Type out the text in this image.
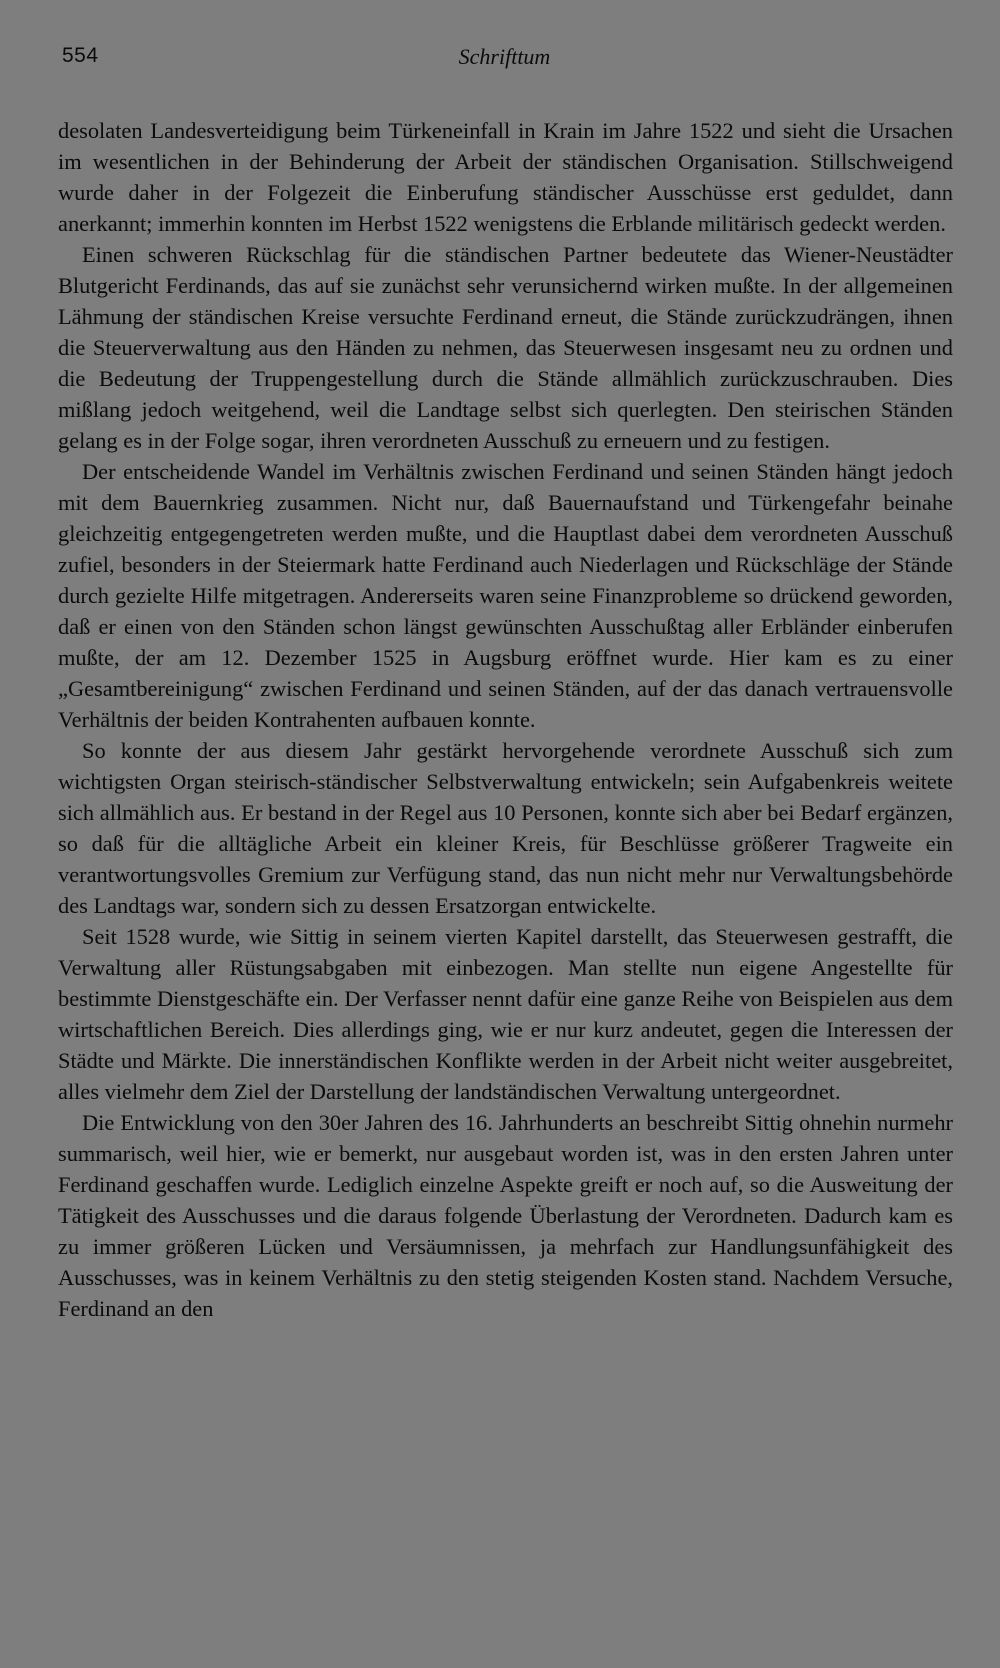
554	Schrifttum

desolaten Landesverteidigung beim Türkeneinfall in Krain im Jahre 1522 und sieht die Ursachen im wesentlichen in der Behinderung der Arbeit der ständischen Organisation. Stillschweigend wurde daher in der Folgezeit die Einberufung ständischer Ausschüsse erst geduldet, dann anerkannt; immerhin konnten im Herbst 1522 wenigstens die Erblande militärisch gedeckt werden.

Einen schweren Rückschlag für die ständischen Partner bedeutete das Wiener-Neustädter Blutgericht Ferdinands, das auf sie zunächst sehr verunsichernd wirken mußte. In der allgemeinen Lähmung der ständischen Kreise versuchte Ferdinand erneut, die Stände zurückzudrängen, ihnen die Steuerverwaltung aus den Händen zu nehmen, das Steuerwesen insgesamt neu zu ordnen und die Bedeutung der Truppengestellung durch die Stände allmählich zurückzuschrauben. Dies mißlang jedoch weitgehend, weil die Landtage selbst sich querlegten. Den steirischen Ständen gelang es in der Folge sogar, ihren verordneten Ausschuß zu erneuern und zu festigen.

Der entscheidende Wandel im Verhältnis zwischen Ferdinand und seinen Ständen hängt jedoch mit dem Bauernkrieg zusammen. Nicht nur, daß Bauernaufstand und Türkengefahr beinahe gleichzeitig entgegengetreten werden mußte, und die Hauptlast dabei dem verordneten Ausschuß zufiel, besonders in der Steiermark hatte Ferdinand auch Niederlagen und Rückschläge der Stände durch gezielte Hilfe mitgetragen. Andererseits waren seine Finanzprobleme so drückend geworden, daß er einen von den Ständen schon längst gewünschten Ausschußtag aller Erbländer einberufen mußte, der am 12. Dezember 1525 in Augsburg eröffnet wurde. Hier kam es zu einer „Gesamtbereinigung“ zwischen Ferdinand und seinen Ständen, auf der das danach vertrauensvolle Verhältnis der beiden Kontrahenten aufbauen konnte.

So konnte der aus diesem Jahr gestärkt hervorgehende verordnete Ausschuß sich zum wichtigsten Organ steirisch-ständischer Selbstverwaltung entwickeln; sein Aufgabenkreis weitete sich allmählich aus. Er bestand in der Regel aus 10 Personen, konnte sich aber bei Bedarf ergänzen, so daß für die alltägliche Arbeit ein kleiner Kreis, für Beschlüsse größerer Tragweite ein verantwortungsvolles Gremium zur Verfügung stand, das nun nicht mehr nur Verwaltungsbehörde des Landtags war, sondern sich zu dessen Ersatzorgan entwickelte.

Seit 1528 wurde, wie Sittig in seinem vierten Kapitel darstellt, das Steuerwesen gestrafft, die Verwaltung aller Rüstungsabgaben mit einbezogen. Man stellte nun eigene Angestellte für bestimmte Dienstgeschäfte ein. Der Verfasser nennt dafür eine ganze Reihe von Beispielen aus dem wirtschaftlichen Bereich. Dies allerdings ging, wie er nur kurz andeutet, gegen die Interessen der Städte und Märkte. Die innerständischen Konflikte werden in der Arbeit nicht weiter ausgebreitet, alles vielmehr dem Ziel der Darstellung der landständischen Verwaltung untergeordnet.

Die Entwicklung von den 30er Jahren des 16. Jahrhunderts an beschreibt Sittig ohnehin nurmehr summarisch, weil hier, wie er bemerkt, nur ausgebaut worden ist, was in den ersten Jahren unter Ferdinand geschaffen wurde. Lediglich einzelne Aspekte greift er noch auf, so die Ausweitung der Tätigkeit des Ausschusses und die daraus folgende Überlastung der Verordneten. Dadurch kam es zu immer größeren Lücken und Versäumnissen, ja mehrfach zur Handlungsunfähigkeit des Ausschusses, was in keinem Verhältnis zu den stetig steigenden Kosten stand. Nachdem Versuche, Ferdinand an den
